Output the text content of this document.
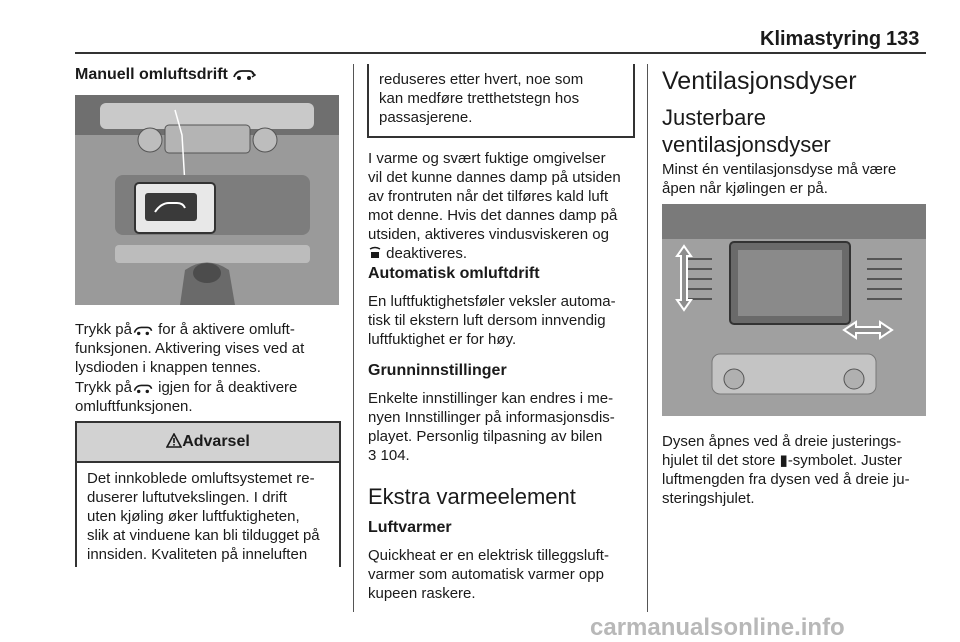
Klimastyring 133
Manuell omluftsdrift
Trykk på for å aktivere omluft-
funksjonen. Aktivering vises ved at
lysdioden i knappen tennes.
Trykk på igjen for å deaktivere
omluftfunksjonen.
Advarsel
Det innkoblede omluftsystemet re-
duserer luftutvekslingen. I drift
uten kjøling øker luftfuktigheten,
slik at vinduene kan bli tildugget på
innsiden. Kvaliteten på inneluften
reduseres etter hvert, noe som
kan medføre tretthetstegn hos
passasjerene.
I varme og svært fuktige omgivelser
vil det kunne dannes damp på utsiden
av frontruten når det tilføres kald luft
mot denne. Hvis det dannes damp på
utsiden, aktiveres vindusviskeren og
deaktiveres.
Automatisk omluftdrift
En luftfuktighetsføler veksler automa-
tisk til ekstern luft dersom innvendig
luftfuktighet er for høy.
Grunninnstillinger
Enkelte innstillinger kan endres i me-
nyen Innstillinger på informasjonsdis-
playet. Personlig tilpasning av bilen
3 104.
Ekstra varmeelement
Luftvarmer
Quickheat er en elektrisk tilleggsluft-
varmer som automatisk varmer opp
kupeen raskere.
Ventilasjonsdyser
Justerbare
ventilasjonsdyser
Minst én ventilasjonsdyse må være
åpen når kjølingen er på.
Dysen åpnes ved å dreie justerings-
hjulet til det store ▮-symbolet. Juster
luftmengden fra dysen ved å dreie ju-
steringshjulet.
carmanualsonline.info
